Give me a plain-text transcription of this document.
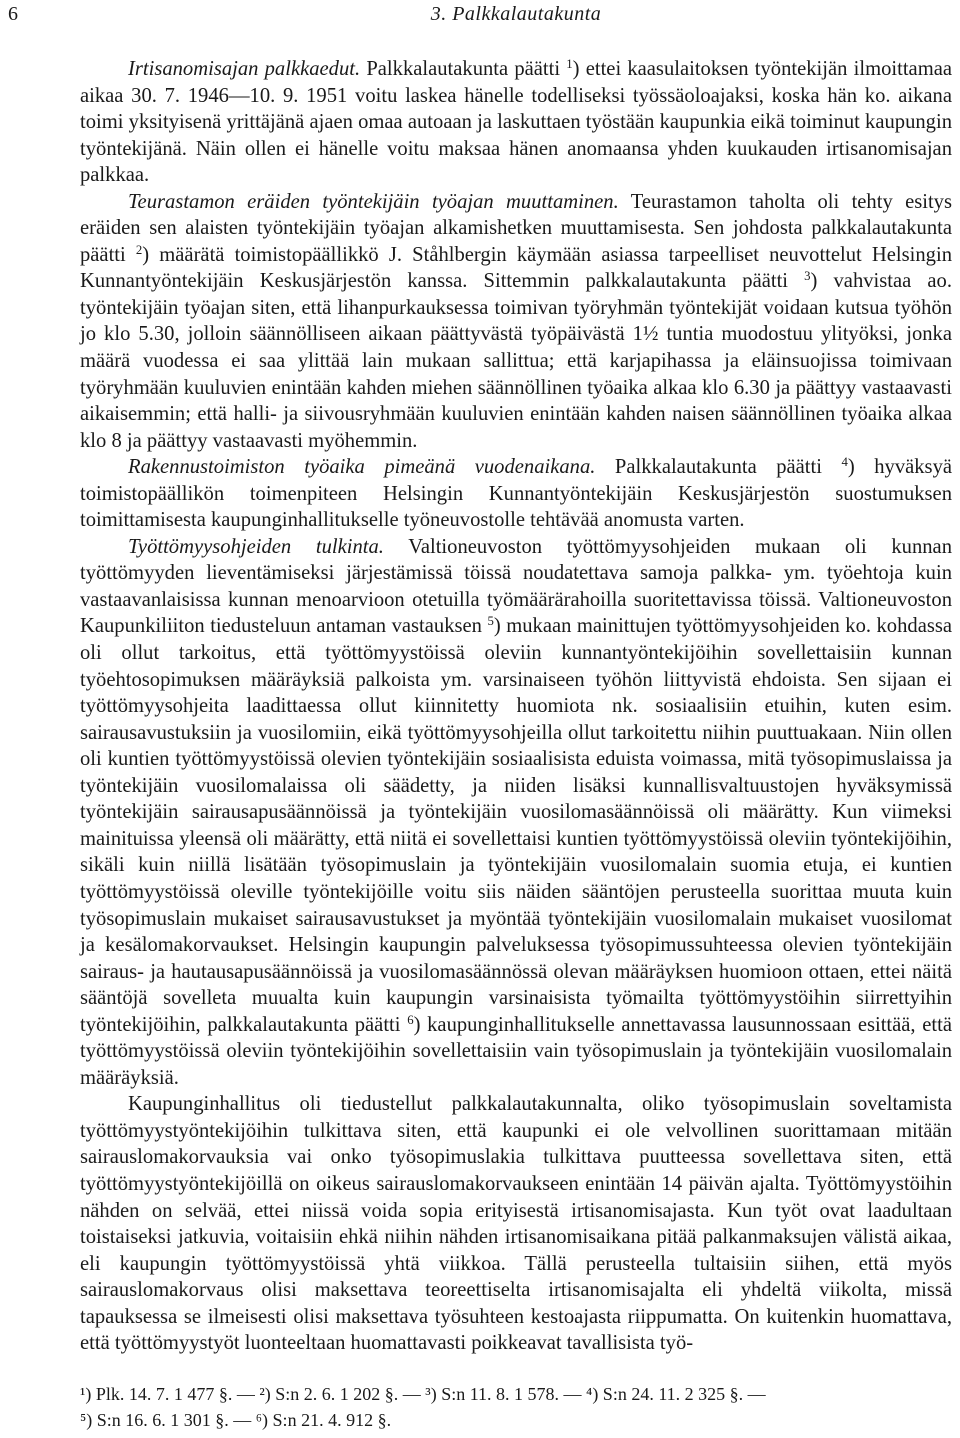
6	3. Palkkalautakunta

Irtisanomisajan palkkaedut. Palkkalautakunta päätti $^1$) ettei kaasulaitoksen työntekijän ilmoittamaa aikaa 30. 7. 1946—10. 9. 1951 voitu laskea hänelle todelliseksi työssäoloajaksi, koska hän ko. aikana toimi yksityisenä yrittäjänä ajaen omaa autoaan ja laskuttaen työstään kaupunkia eikä toiminut kaupungin työntekijänä. Näin ollen ei hänelle voitu maksaa hänen anomaansa yhden kuukauden irtisanomisajan palkkaa.

Teurastamon eräiden työntekijäin työajan muuttaminen. Teurastamon taholta oli tehty esitys eräiden sen alaisten työntekijäin työajan alkamishetken muuttamisesta. Sen johdosta palkkalautakunta päätti $^2$) määrätä toimistopäällikkö J. Ståhlbergin käymään asiassa tarpeelliset neuvottelut Helsingin Kunnantyöntekijäin Keskusjärjestön kanssa. Sittemmin palkkalautakunta päätti $^3$) vahvistaa ao. työntekijäin työajan siten, että lihanpurkauksessa toimivan työryhmän työntekijät voidaan kutsua työhön jo klo 5.30, jolloin säännölliseen aikaan päättyvästä työpäivästä 1½ tuntia muodostuu ylityöksi, jonka määrä vuodessa ei saa ylittää lain mukaan sallittua; että karjapihassa ja eläinsuojissa toimivaan työryhmään kuuluvien enintään kahden miehen säännöllinen työaika alkaa klo 6.30 ja päättyy vastaavasti aikaisemmin; että halli- ja siivousryhmään kuuluvien enintään kahden naisen säännöllinen työaika alkaa klo 8 ja päättyy vastaavasti myöhemmin.

Rakennustoimiston työaika pimeänä vuodenaikana. Palkkalautakunta päätti $^4$) hyväksyä toimistopäällikön toimenpiteen Helsingin Kunnantyöntekijäin Keskusjärjestön suostumuksen toimittamisesta kaupunginhallitukselle työneuvostolle tehtävää anomusta varten.

Työttömyysohjeiden tulkinta. Valtioneuvoston työttömyysohjeiden mukaan oli kunnan työttömyyden lieventämiseksi järjestämissä töissä noudatettava samoja palkka- ym. työehtoja kuin vastaavanlaisissa kunnan menoarvioon otetuilla työmäärärahoilla suoritettavissa töissä. Valtioneuvoston Kaupunkiliiton tiedusteluun antaman vastauksen $^5$) mukaan mainittujen työttömyysohjeiden ko. kohdassa oli ollut tarkoitus, että työttömyystöissä oleviin kunnantyöntekijöihin sovellettaisiin kunnan työehtosopimuksen määräyksiä palkoista ym. varsinaiseen työhön liittyvistä ehdoista. Sen sijaan ei työttömyysohjeita laadittaessa ollut kiinnitetty huomiota nk. sosiaalisiin etuihin, kuten esim. sairausavustuksiin ja vuosilomiin, eikä työttömyysohjeilla ollut tarkoitettu niihin puuttuakaan. Niin ollen oli kuntien työttömyystöissä olevien työntekijäin sosiaalisista eduista voimassa, mitä työsopimuslaissa ja työntekijäin vuosilomalaissa oli säädetty, ja niiden lisäksi kunnallisvaltuustojen hyväksymissä työntekijäin sairausapusäännöissä ja työntekijäin vuosilomasäännöissä oli määrätty. Kun viimeksi mainituissa yleensä oli määrätty, että niitä ei sovellettaisi kuntien työttömyystöissä oleviin työntekijöihin, sikäli kuin niillä lisätään työsopimuslain ja työntekijäin vuosilomalain suomia etuja, ei kuntien työttömyystöissä oleville työntekijöille voitu siis näiden sääntöjen perusteella suorittaa muuta kuin työsopimuslain mukaiset sairausavustukset ja myöntää työntekijäin vuosilomalain mukaiset vuosilomat ja kesälomakorvaukset. Helsingin kaupungin palveluksessa työsopimussuhteessa olevien työntekijäin sairaus- ja hautausapusäännöissä ja vuosilomasäännössä olevan määräyksen huomioon ottaen, ettei näitä sääntöjä sovelleta muualta kuin kaupungin varsinaisista työmailta työttömyystöihin siirrettyihin työntekijöihin, palkkalautakunta päätti $^6$) kaupunginhallitukselle annettavassa lausunnossaan esittää, että työttömyystöissä oleviin työntekijöihin sovellettaisiin vain työsopimuslain ja työntekijäin vuosilomalain määräyksiä.

Kaupunginhallitus oli tiedustellut palkkalautakunnalta, oliko työsopimuslain soveltamista työttömyystyöntekijöihin tulkittava siten, että kaupunki ei ole velvollinen suorittamaan mitään sairauslomakorvauksia vai onko työsopimuslakia tulkittava puutteessa sovellettava siten, että työttömyystyöntekijöillä on oikeus sairauslomakorvaukseen enintään 14 päivän ajalta. Työttömyystöihin nähden on selvää, ettei niissä voida sopia erityisestä irtisanomisajasta. Kun työt ovat laadultaan toistaiseksi jatkuvia, voitaisiin ehkä niihin nähden irtisanomisaikana pitää palkanmaksujen välistä aikaa, eli kaupungin työttömyystöissä yhtä viikkoa. Tällä perusteella tultaisiin siihen, että myös sairauslomakorvaus olisi maksettava teoreettiselta irtisanomisajalta eli yhdeltä viikolta, missä tapauksessa se ilmeisesti olisi maksettava työsuhteen kestoajasta riippumatta. On kuitenkin huomattava, että työttömyystyöt luonteeltaan huomattavasti poikkeavat tavallisista työ-

¹) Plk. 14. 7. 1 477 §. — ²) S:n 2. 6. 1 202 §. — ³) S:n 11. 8. 1 578. — ⁴) S:n 24. 11. 2 325 §. —

⁵) S:n 16. 6. 1 301 §. — ⁶) S:n 21. 4. 912 §.
